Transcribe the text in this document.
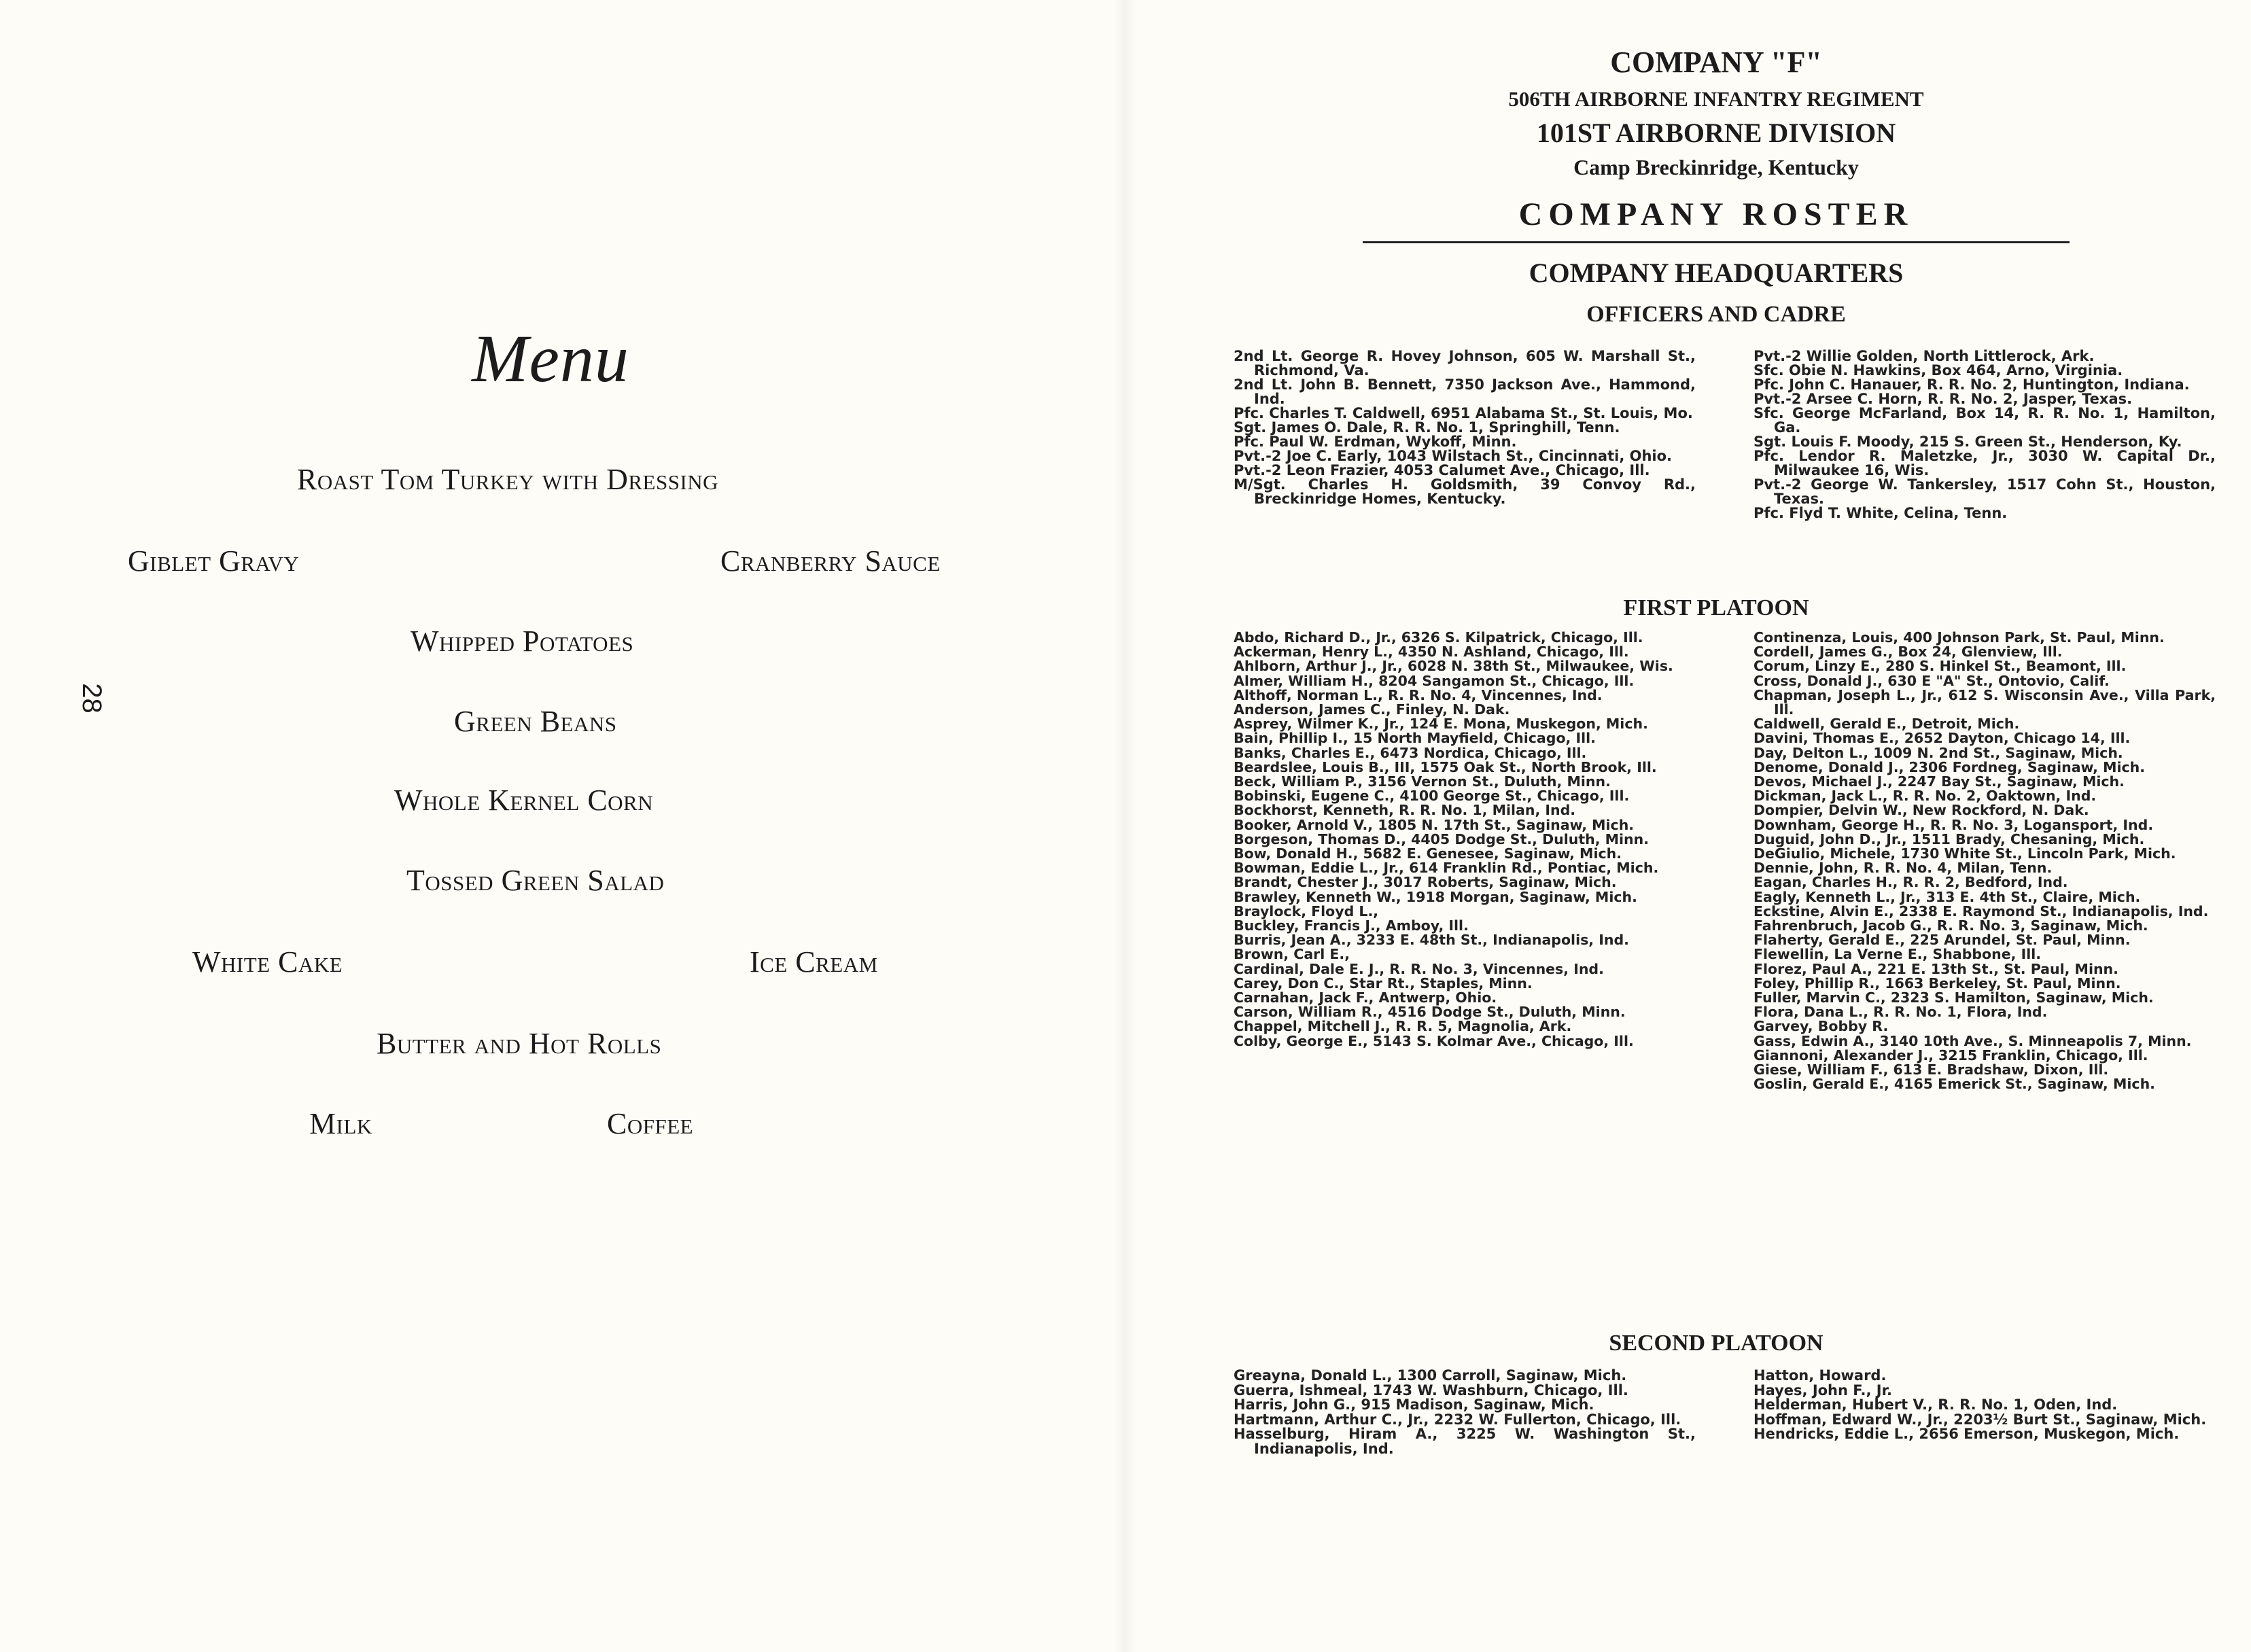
28
Menu
Roast Tom Turkey with Dressing
Giblet Gravy	Cranberry Sauce
Whipped Potatoes
Green Beans
Whole Kernel Corn
Tossed Green Salad
White Cake	Ice Cream
Butter and Hot Rolls
Milk	Coffee
COMPANY "F"
506TH AIRBORNE INFANTRY REGIMENT
101ST AIRBORNE DIVISION
Camp Breckinridge, Kentucky
COMPANY ROSTER
COMPANY HEADQUARTERS
OFFICERS AND CADRE
2nd Lt. George R. Hovey Johnson, 605 W. Marshall St., Richmond, Va.
2nd Lt. John B. Bennett, 7350 Jackson Ave., Hammond, Ind.
Pfc. Charles T. Caldwell, 6951 Alabama St., St. Louis, Mo.
Sgt. James O. Dale, R. R. No. 1, Springhill, Tenn.
Pfc. Paul W. Erdman, Wykoff, Minn.
Pvt.-2 Joe C. Early, 1043 Wilstach St., Cincinnati, Ohio.
Pvt.-2 Leon Frazier, 4053 Calumet Ave., Chicago, Ill.
M/Sgt. Charles H. Goldsmith, 39 Convoy Rd., Breckinridge Homes, Kentucky.
Pvt.-2 Willie Golden, North Littlerock, Ark.
Sfc. Obie N. Hawkins, Box 464, Arno, Virginia.
Pfc. John C. Hanauer, R. R. No. 2, Huntington, Indiana.
Pvt.-2 Arsee C. Horn, R. R. No. 2, Jasper, Texas.
Sfc. George McFarland, Box 14, R. R. No. 1, Hamilton, Ga.
Sgt. Louis F. Moody, 215 S. Green St., Henderson, Ky.
Pfc. Lendor R. Maletzke, Jr., 3030 W. Capital Dr., Milwaukee 16, Wis.
Pvt.-2 George W. Tankersley, 1517 Cohn St., Houston, Texas.
Pfc. Flyd T. White, Celina, Tenn.
FIRST PLATOON
Abdo, Richard D., Jr., 6326 S. Kilpatrick, Chicago, Ill.
Ackerman, Henry L., 4350 N. Ashland, Chicago, Ill.
Ahlborn, Arthur J., Jr., 6028 N. 38th St., Milwaukee, Wis.
Almer, William H., 8204 Sangamon St., Chicago, Ill.
Althoff, Norman L., R. R. No. 4, Vincennes, Ind.
Anderson, James C., Finley, N. Dak.
Asprey, Wilmer K., Jr., 124 E. Mona, Muskegon, Mich.
Bain, Phillip I., 15 North Mayfield, Chicago, Ill.
Banks, Charles E., 6473 Nordica, Chicago, Ill.
Beardslee, Louis B., III, 1575 Oak St., North Brook, Ill.
Beck, William P., 3156 Vernon St., Duluth, Minn.
Bobinski, Eugene C., 4100 George St., Chicago, Ill.
Bockhorst, Kenneth, R. R. No. 1, Milan, Ind.
Booker, Arnold V., 1805 N. 17th St., Saginaw, Mich.
Borgeson, Thomas D., 4405 Dodge St., Duluth, Minn.
Bow, Donald H., 5682 E. Genesee, Saginaw, Mich.
Bowman, Eddie L., Jr., 614 Franklin Rd., Pontiac, Mich.
Brandt, Chester J., 3017 Roberts, Saginaw, Mich.
Brawley, Kenneth W., 1918 Morgan, Saginaw, Mich.
Braylock, Floyd L.,
Buckley, Francis J., Amboy, Ill.
Burris, Jean A., 3233 E. 48th St., Indianapolis, Ind.
Brown, Carl E.,
Cardinal, Dale E. J., R. R. No. 3, Vincennes, Ind.
Carey, Don C., Star Rt., Staples, Minn.
Carnahan, Jack F., Antwerp, Ohio.
Carson, William R., 4516 Dodge St., Duluth, Minn.
Chappel, Mitchell J., R. R. 5, Magnolia, Ark.
Colby, George E., 5143 S. Kolmar Ave., Chicago, Ill.
Continenza, Louis, 400 Johnson Park, St. Paul, Minn.
Cordell, James G., Box 24, Glenview, Ill.
Corum, Linzy E., 280 S. Hinkel St., Beamont, Ill.
Cross, Donald J., 630 E "A" St., Ontovio, Calif.
Chapman, Joseph L., Jr., 612 S. Wisconsin Ave., Villa Park, Ill.
Caldwell, Gerald E., Detroit, Mich.
Davini, Thomas E., 2652 Dayton, Chicago 14, Ill.
Day, Delton L., 1009 N. 2nd St., Saginaw, Mich.
Denome, Donald J., 2306 Fordneg, Saginaw, Mich.
Devos, Michael J., 2247 Bay St., Saginaw, Mich.
Dickman, Jack L., R. R. No. 2, Oaktown, Ind.
Dompier, Delvin W., New Rockford, N. Dak.
Downham, George H., R. R. No. 3, Logansport, Ind.
Duguid, John D., Jr., 1511 Brady, Chesaning, Mich.
DeGiulio, Michele, 1730 White St., Lincoln Park, Mich.
Dennie, John, R. R. No. 4, Milan, Tenn.
Eagan, Charles H., R. R. 2, Bedford, Ind.
Eagly, Kenneth L., Jr., 313 E. 4th St., Claire, Mich.
Eckstine, Alvin E., 2338 E. Raymond St., Indianapolis, Ind.
Fahrenbruch, Jacob G., R. R. No. 3, Saginaw, Mich.
Flaherty, Gerald E., 225 Arundel, St. Paul, Minn.
Flewellin, La Verne E., Shabbone, Ill.
Florez, Paul A., 221 E. 13th St., St. Paul, Minn.
Foley, Phillip R., 1663 Berkeley, St. Paul, Minn.
Fuller, Marvin C., 2323 S. Hamilton, Saginaw, Mich.
Flora, Dana L., R. R. No. 1, Flora, Ind.
Garvey, Bobby R.
Gass, Edwin A., 3140 10th Ave., S. Minneapolis 7, Minn.
Giannoni, Alexander J., 3215 Franklin, Chicago, Ill.
Giese, William F., 613 E. Bradshaw, Dixon, Ill.
Goslin, Gerald E., 4165 Emerick St., Saginaw, Mich.
SECOND PLATOON
Greayna, Donald L., 1300 Carroll, Saginaw, Mich.
Guerra, Ishmeal, 1743 W. Washburn, Chicago, Ill.
Harris, John G., 915 Madison, Saginaw, Mich.
Hartmann, Arthur C., Jr., 2232 W. Fullerton, Chicago, Ill.
Hasselburg, Hiram A., 3225 W. Washington St., Indianapolis, Ind.
Hatton, Howard.
Hayes, John F., Jr.
Helderman, Hubert V., R. R. No. 1, Oden, Ind.
Hoffman, Edward W., Jr., 2203½ Burt St., Saginaw, Mich.
Hendricks, Eddie L., 2656 Emerson, Muskegon, Mich.
